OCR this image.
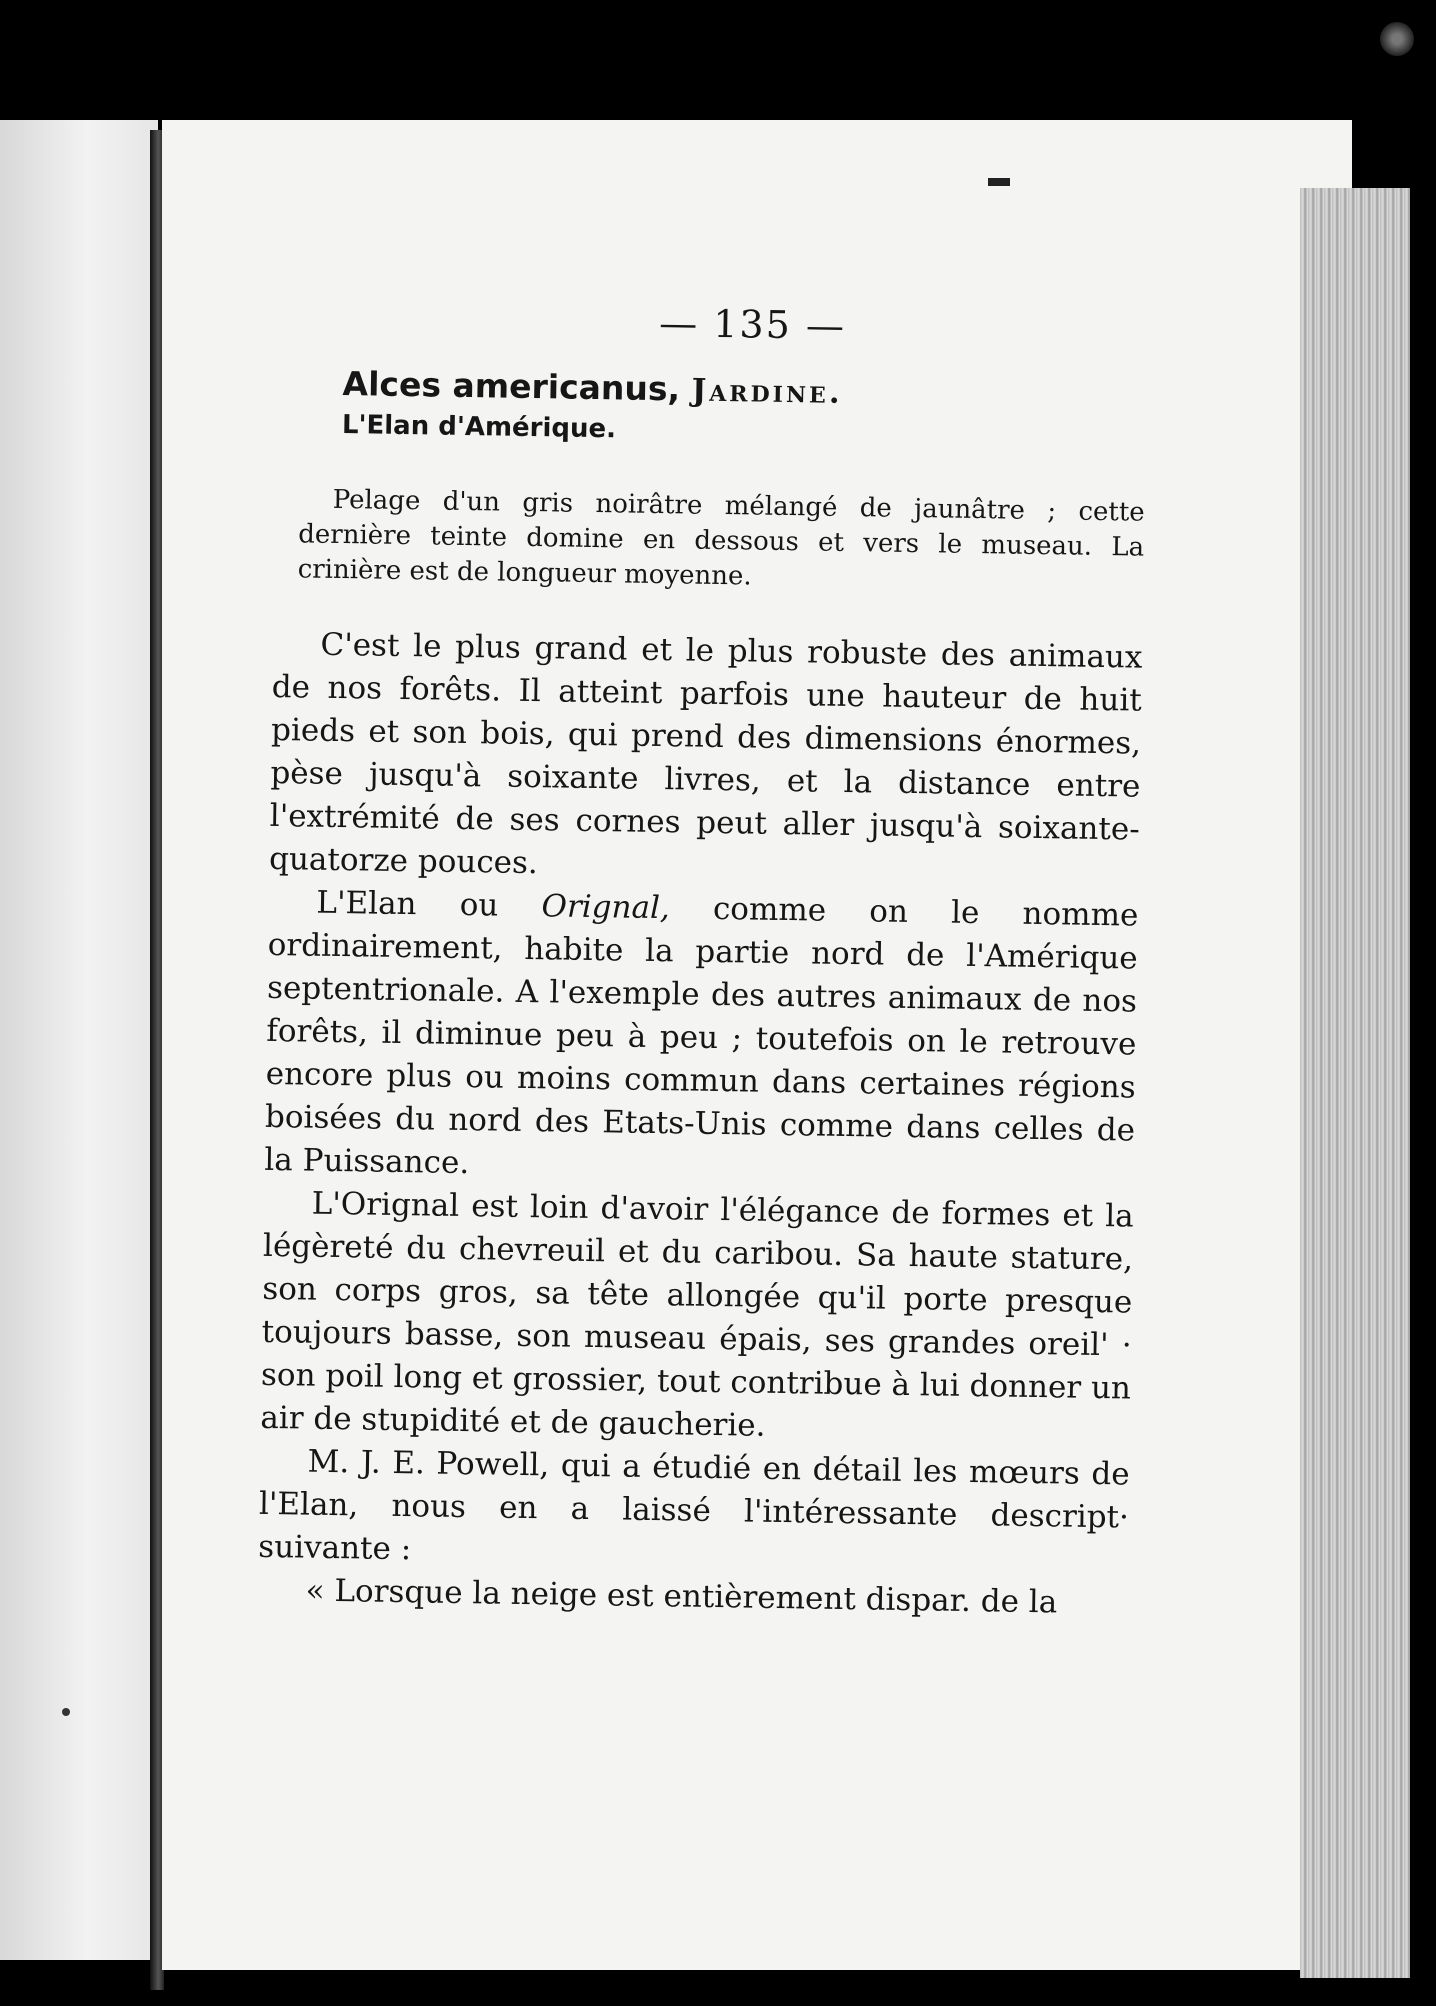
— 135 —
Alces americanus, Jardine.
L'Elan d'Amérique.

Pelage d'un gris noirâtre mélangé de jaunâtre ; cette dernière teinte domine en dessous et vers le museau. La crinière est de longueur moyenne.

C'est le plus grand et le plus robuste des animaux de nos forêts. Il atteint parfois une hauteur de huit pieds et son bois, qui prend des dimensions énormes, pèse jusqu'à soixante livres, et la distance entre l'extrémité de ses cornes peut aller jusqu'à soixante-quatorze pouces.

L'Elan ou Orignal, comme on le nomme ordinairement, habite la partie nord de l'Amérique septentrionale. A l'exemple des autres animaux de nos forêts, il diminue peu à peu ; toutefois on le retrouve encore plus ou moins commun dans certaines régions boisées du nord des Etats-Unis comme dans celles de la Puissance.

L'Orignal est loin d'avoir l'élégance de formes et la légèreté du chevreuil et du caribou. Sa haute stature, son corps gros, sa tête allongée qu'il porte presque toujours basse, son museau épais, ses grandes oreil' · son poil long et grossier, tout contribue à lui donner un air de stupidité et de gaucherie.

M. J. E. Powell, qui a étudié en détail les mœurs de l'Elan, nous en a laissé l'intéressante descript· suivante :

« Lorsque la neige est entièrement dispar. de la
